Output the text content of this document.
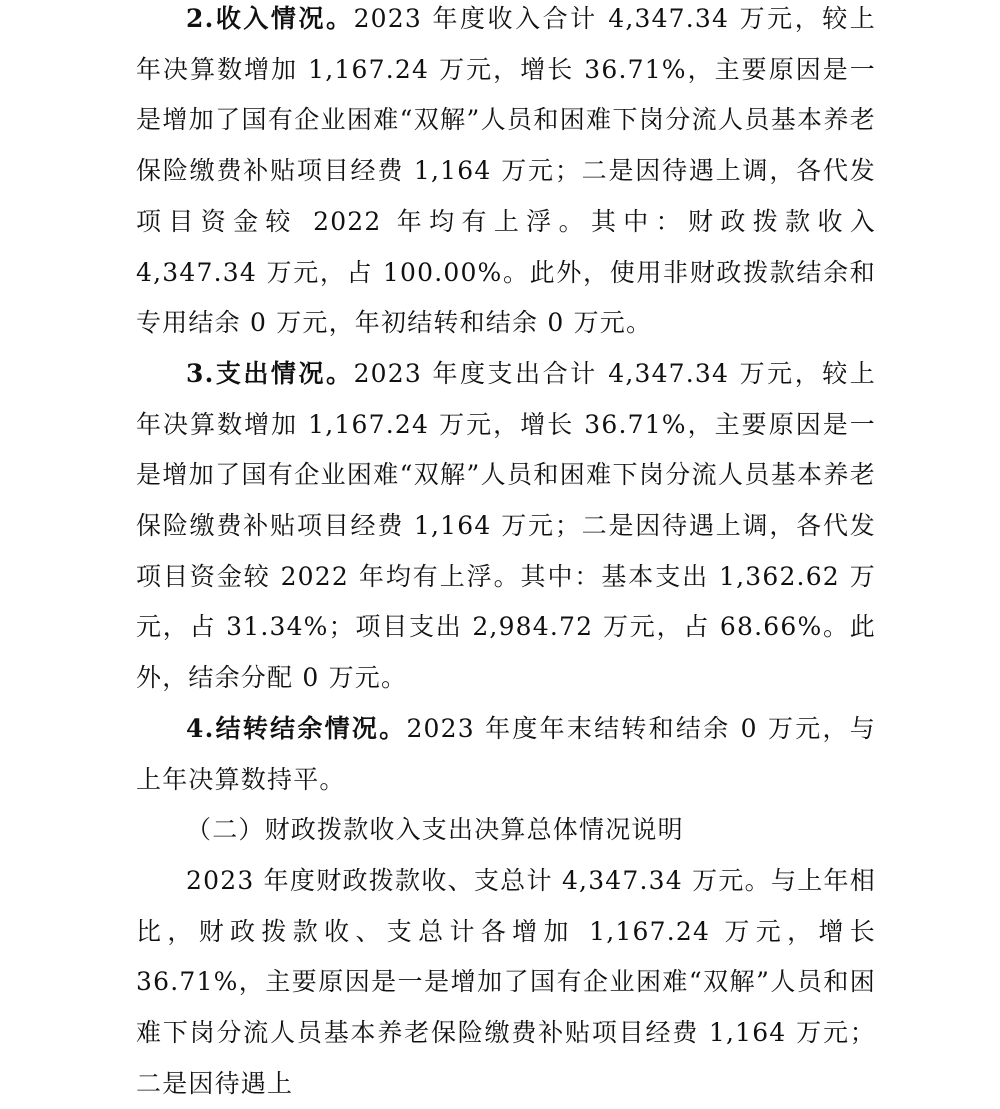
2.收入情况。2023 年度收入合计 4,347.34 万元，较上年决算数增加 1,167.24 万元，增长 36.71%，主要原因是一是增加了国有企业困难“双解”人员和困难下岗分流人员基本养老保险缴费补贴项目经费 1,164 万元；二是因待遇上调，各代发项目资金较 2022 年均有上浮。其中：财政拨款收入 4,347.34 万元，占 100.00%。此外，使用非财政拨款结余和专用结余 0 万元，年初结转和结余 0 万元。

3.支出情况。2023 年度支出合计 4,347.34 万元，较上年决算数增加 1,167.24 万元，增长 36.71%，主要原因是一是增加了国有企业困难“双解”人员和困难下岗分流人员基本养老保险缴费补贴项目经费 1,164 万元；二是因待遇上调，各代发项目资金较 2022 年均有上浮。其中：基本支出 1,362.62 万元，占 31.34%；项目支出 2,984.72 万元，占 68.66%。此外，结余分配 0 万元。

4.结转结余情况。2023 年度年末结转和结余 0 万元，与上年决算数持平。

（二）财政拨款收入支出决算总体情况说明

2023 年度财政拨款收、支总计 4,347.34 万元。与上年相比，财政拨款收、支总计各增加 1,167.24 万元，增长 36.71%，主要原因是一是增加了国有企业困难“双解”人员和困难下岗分流人员基本养老保险缴费补贴项目经费 1,164 万元；二是因待遇上
